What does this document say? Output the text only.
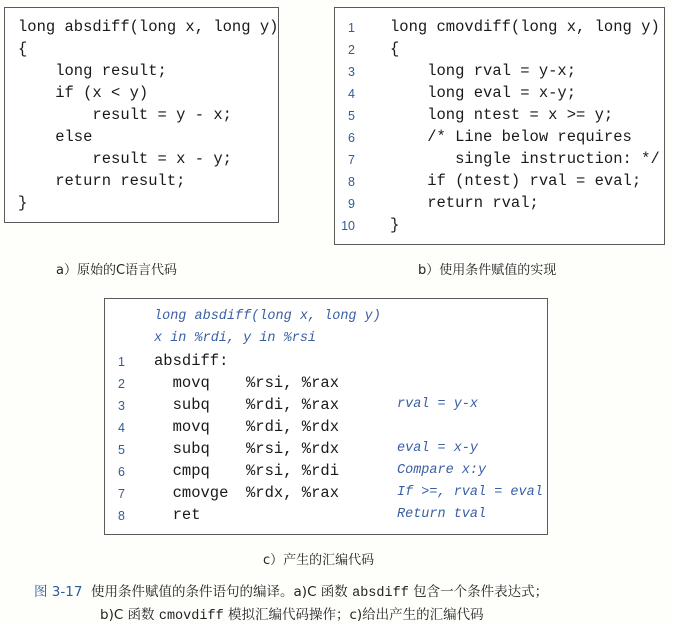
long absdiff(long x, long y)
{
long result;
if (x < y)
result = y - x;
else
result = x - y;
return result;
}
a）原始的C语言代码
1
2
3
4
5
6
7
8
9
10
long cmovdiff(long x, long y)
{
long rval = y-x;
long eval = x-y;
long ntest = x >= y;
/* Line below requires
single instruction: */
if (ntest) rval = eval;
return rval;
}
b）使用条件赋值的实现
long absdiff(long x, long y)
x in %rdi, y in %rsi
1 absdiff:
2 movq %rsi, %rax
3 subq %rdi, %rax	rval = y-x
4 movq %rdi, %rdx
5 subq %rsi, %rdx	eval = x-y
6 cmpq %rsi, %rdi	Compare x:y
7 cmovge %rdx, %rax	If >=, rval = eval
8 ret	Return tval
c）产生的汇编代码
图 3-17 使用条件赋值的条件语句的编译。a)C 函数 absdiff 包含一个条件表达式；
b)C 函数 cmovdiff 模拟汇编代码操作；c)给出产生的汇编代码
